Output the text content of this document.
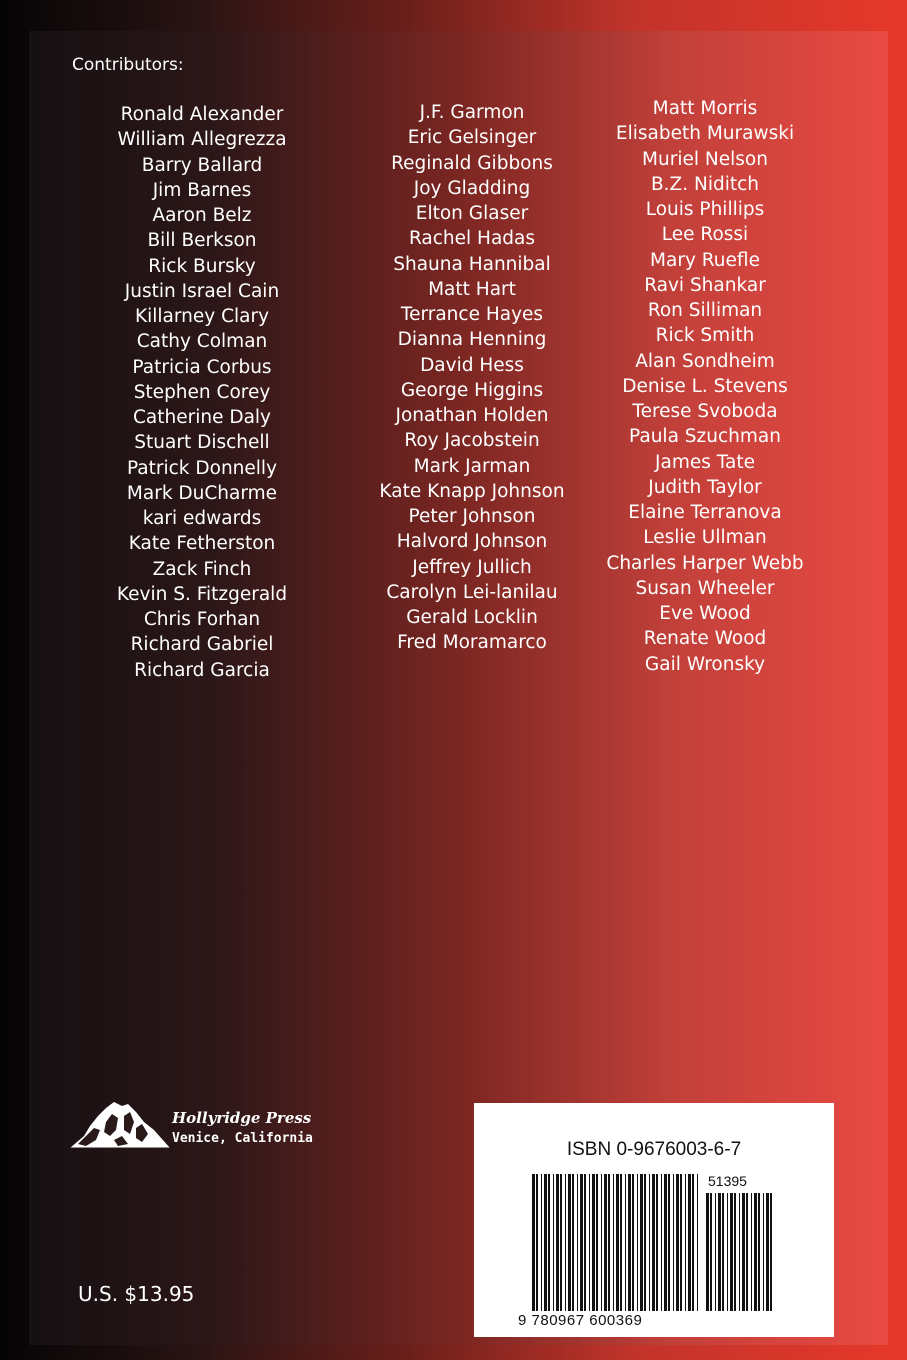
Contributors:
Ronald Alexander
William Allegrezza
Barry Ballard
Jim Barnes
Aaron Belz
Bill Berkson
Rick Bursky
Justin Israel Cain
Killarney Clary
Cathy Colman
Patricia Corbus
Stephen Corey
Catherine Daly
Stuart Dischell
Patrick Donnelly
Mark DuCharme
kari edwards
Kate Fetherston
Zack Finch
Kevin S. Fitzgerald
Chris Forhan
Richard Gabriel
Richard Garcia
J.F. Garmon
Eric Gelsinger
Reginald Gibbons
Joy Gladding
Elton Glaser
Rachel Hadas
Shauna Hannibal
Matt Hart
Terrance Hayes
Dianna Henning
David Hess
George Higgins
Jonathan Holden
Roy Jacobstein
Mark Jarman
Kate Knapp Johnson
Peter Johnson
Halvord Johnson
Jeffrey Jullich
Carolyn Lei-lanilau
Gerald Locklin
Fred Moramarco
Matt Morris
Elisabeth Murawski
Muriel Nelson
B.Z. Niditch
Louis Phillips
Lee Rossi
Mary Ruefle
Ravi Shankar
Ron Silliman
Rick Smith
Alan Sondheim
Denise L. Stevens
Terese Svoboda
Paula Szuchman
James Tate
Judith Taylor
Elaine Terranova
Leslie Ullman
Charles Harper Webb
Susan Wheeler
Eve Wood
Renate Wood
Gail Wronsky
Hollyridge Press
Venice, California
U.S. $13.95
ISBN 0-9676003-6-7
51395
9 780967 600369
